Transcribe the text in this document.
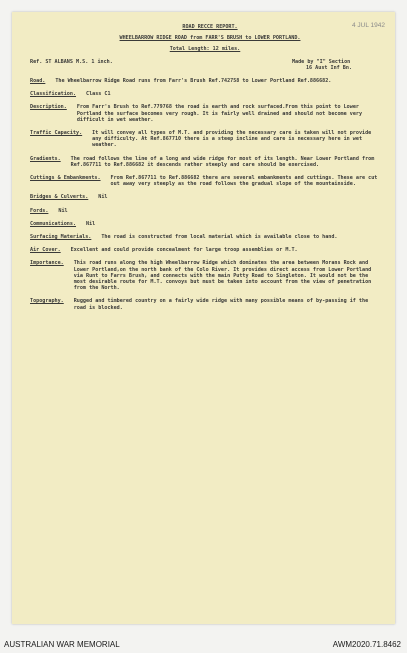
4 JUL 1942
ROAD RECCE REPORT.
WHEELBARROW RIDGE ROAD from FARR'S BRUSH to LOWER PORTLAND.
Total Length: 12 miles.
Ref. ST ALBANS M.S. 1 inch.	Made by "I" Section
16 Aust Inf Bn.
Road. The Wheelbarrow Ridge Road runs from Farr's Brush Ref.742758 to Lower Portland Ref.886682.
Classification. Class C1
Description. From Farr's Brush to Ref.779768 the road is earth and rock surfaced.From this point to Lower Portland the surface becomes very rough. It is fairly well drained and should not become very difficult in wet weather.
Traffic Capacity. It will convey all types of M.T. and providing the necessary care is taken will not provide any difficulty. At Ref.867710 there is a steep incline and care is necessary here in wet weather.
Gradients. The road follows the line of a long and wide ridge for most of its length. Near Lower Portland from Ref.867711 to Ref.886682 it descends rather steeply and care should be exercised.
Cuttings & Embankments. From Ref.867711 to Ref.886682 there are several embankments and cuttings. These are cut out away very steeply as the road follows the gradual slope of the mountainside.
Bridges & Culverts. Nil
Fords. Nil
Communications. Nil
Surfacing Materials. The road is constructed from local material which is available close to hand.
Air Cover. Excellent and could provide concealment for large troop assemblies or M.T.
Importance. This road runs along the high Wheelbarrow Ridge which dominates the area between Morans Rock and Lower Portland,on the north bank of the Colo River. It provides direct access from Lower Portland via Runt to Farrs Brush, and connects with the main Putty Road to Singleton. It would not be the most desirable route for M.T. convoys but must be taken into account from the view of penetration from the North.
Topography. Rugged and timbered country on a fairly wide ridge with many possible means of by-passing if the road is blocked.
AUSTRALIAN WAR MEMORIAL	AWM2020.71.8462
